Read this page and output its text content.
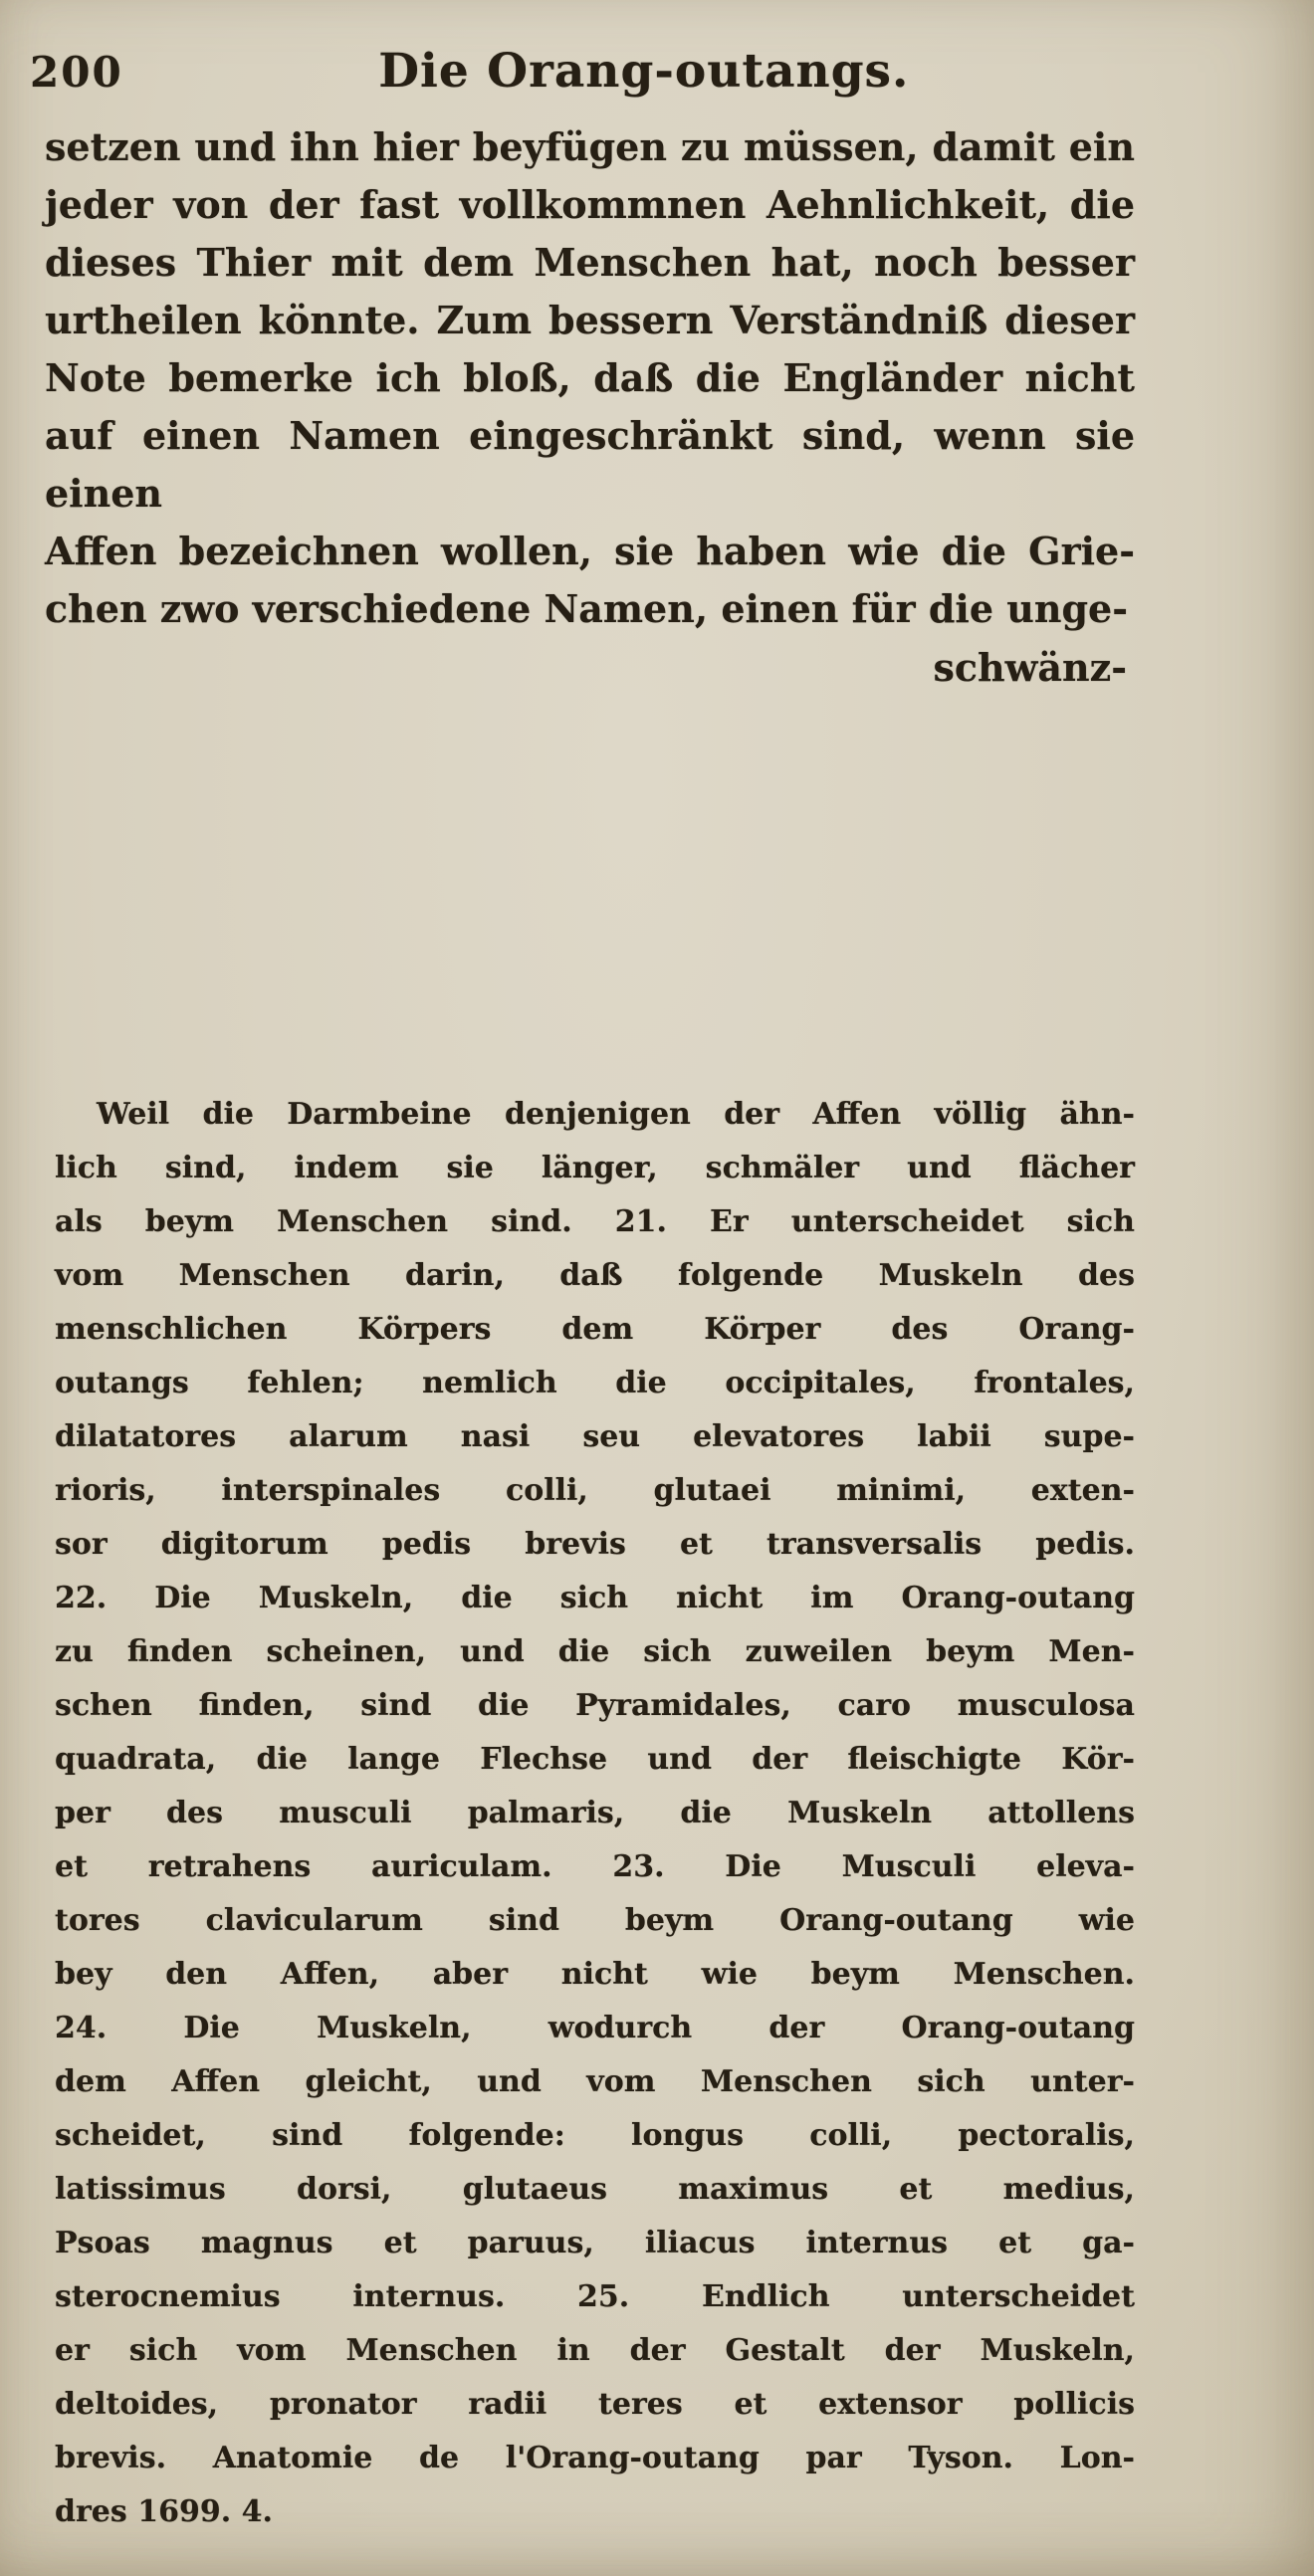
200	Die Orang-outangs.
setzen und ihn hier beyfügen zu müssen, damit ein
jeder von der fast vollkommnen Aehnlichkeit, die
dieses Thier mit dem Menschen hat, noch besser
urtheilen könnte. Zum bessern Verständniß dieser
Note bemerke ich bloß, daß die Engländer nicht
auf einen Namen eingeschränkt sind, wenn sie einen
Affen bezeichnen wollen, sie haben wie die Grie-
chen zwo verschiedene Namen, einen für die unge-
schwänz-
Weil die Darmbeine denjenigen der Affen völlig ähn-
lich sind, indem sie länger, schmäler und flächer
als beym Menschen sind. 21. Er unterscheidet sich
vom Menschen darin, daß folgende Muskeln des
menschlichen Körpers dem Körper des Orang-
outangs fehlen; nemlich die occipitales, frontales,
dilatatores alarum nasi seu elevatores labii supe-
rioris, interspinales colli, glutaei minimi, exten-
sor digitorum pedis brevis et transversalis pedis.
22. Die Muskeln, die sich nicht im Orang-outang
zu finden scheinen, und die sich zuweilen beym Men-
schen finden, sind die Pyramidales, caro musculosa
quadrata, die lange Flechse und der fleischigte Kör-
per des musculi palmaris, die Muskeln attollens
et retrahens auriculam. 23. Die Musculi eleva-
tores clavicularum sind beym Orang-outang wie
bey den Affen, aber nicht wie beym Menschen.
24. Die Muskeln, wodurch der Orang-outang
dem Affen gleicht, und vom Menschen sich unter-
scheidet, sind folgende: longus colli, pectoralis,
latissimus dorsi, glutaeus maximus et medius,
Psoas magnus et paruus, iliacus internus et ga-
sterocnemius internus. 25. Endlich unterscheidet
er sich vom Menschen in der Gestalt der Muskeln,
deltoides, pronator radii teres et extensor pollicis
brevis. Anatomie de l'Orang-outang par Tyson. Lon-
dres 1699. 4.
